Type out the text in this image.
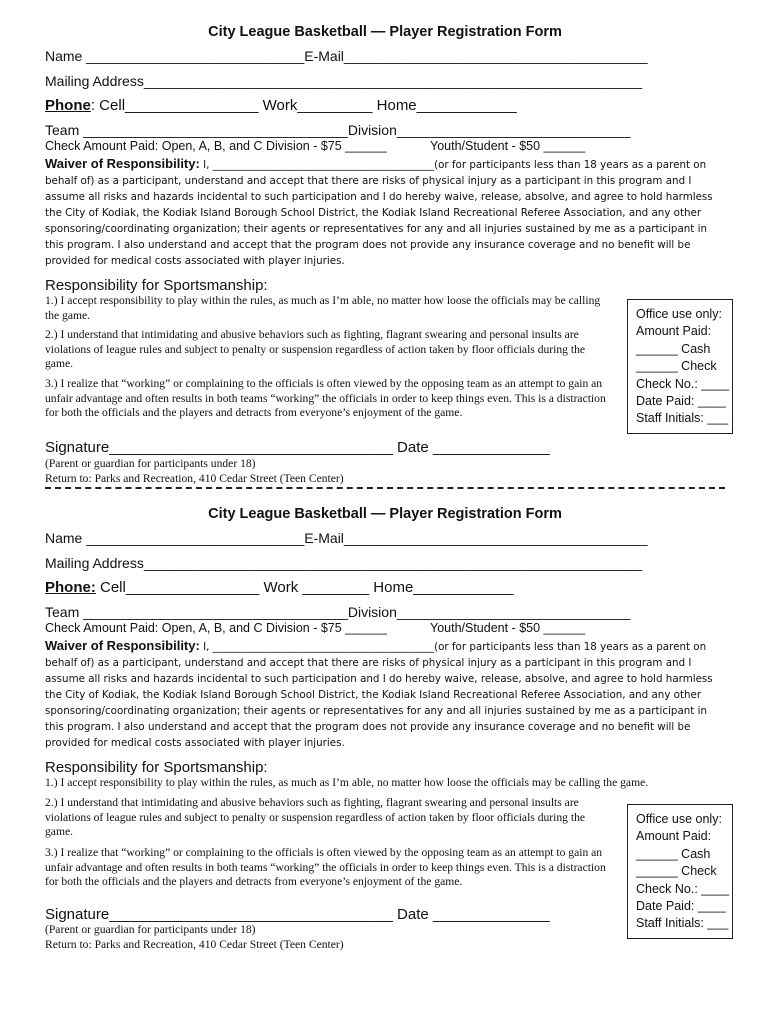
City League Basketball — Player Registration Form
Name ____________________________E-Mail_______________________________________
Mailing Address________________________________________________________________
Phone: Cell________________ Work_________ Home____________
Team __________________________________Division______________________________
Check Amount Paid: Open, A, B, and C Division - $75 ______	Youth/Student - $50 ______
Waiver of Responsibility: I, ___________________________________________(or for participants less than 18 years as a parent on behalf of) as a participant, understand and accept that there are risks of physical injury as a participant in this program and I assume all risks and hazards incidental to such participation and I do hereby waive, release, absolve, and agree to hold harmless the City of Kodiak, the Kodiak Island Borough School District, the Kodiak Island Recreational Referee Association, and any other sponsoring/coordinating organization; their agents or representatives for any and all injuries sustained by me as a participant in this program. I also understand and accept that the program does not provide any insurance coverage and no benefit will be provided for medical costs associated with player injuries.
Responsibility for Sportsmanship:
1.) I accept responsibility to play within the rules, as much as I’m able, no matter how loose the officials may be calling the game.
2.) I understand that intimidating and abusive behaviors such as fighting, flagrant swearing and personal insults are violations of league rules and subject to penalty or suspension regardless of action taken by floor officials during the game.
3.) I realize that “working” or complaining to the officials is often viewed by the opposing team as an attempt to gain an unfair advantage and often results in both teams “working” the officials in order to keep things even. This is a distraction for both the officials and the players and detracts from everyone’s enjoyment of the game.
Office use only:
Amount Paid:
______ Cash
______ Check
Check No.: ____
Date Paid: ____
Staff Initials: ___
Signature__________________________________ Date ______________
(Parent or guardian for participants under 18)
Return to: Parks and Recreation, 410 Cedar Street (Teen Center)
City League Basketball — Player Registration Form
Name ____________________________E-Mail_______________________________________
Mailing Address________________________________________________________________
Phone: Cell________________ Work ________ Home____________
Team __________________________________Division______________________________
Check Amount Paid: Open, A, B, and C Division - $75 ______	Youth/Student - $50 ______
Waiver of Responsibility: I, ___________________________________________(or for participants less than 18 years as a parent on behalf of) as a participant, understand and accept that there are risks of physical injury as a participant in this program and I assume all risks and hazards incidental to such participation and I do hereby waive, release, absolve, and agree to hold harmless the City of Kodiak, the Kodiak Island Borough School District, the Kodiak Island Recreational Referee Association, and any other sponsoring/coordinating organization; their agents or representatives for any and all injuries sustained by me as a participant in this program. I also understand and accept that the program does not provide any insurance coverage and no benefit will be provided for medical costs associated with player injuries.
Responsibility for Sportsmanship:
1.) I accept responsibility to play within the rules, as much as I’m able, no matter how loose the officials may be calling the game.
2.) I understand that intimidating and abusive behaviors such as fighting, flagrant swearing and personal insults are violations of league rules and subject to penalty or suspension regardless of action taken by floor officials during the game.
3.) I realize that “working” or complaining to the officials is often viewed by the opposing team as an attempt to gain an unfair advantage and often results in both teams “working” the officials in order to keep things even. This is a distraction for both the officials and the players and detracts from everyone’s enjoyment of the game.
Office use only:
Amount Paid:
______ Cash
______ Check
Check No.: ____
Date Paid: ____
Staff Initials: ___
Signature__________________________________ Date ______________
(Parent or guardian for participants under 18)
Return to: Parks and Recreation, 410 Cedar Street (Teen Center)
